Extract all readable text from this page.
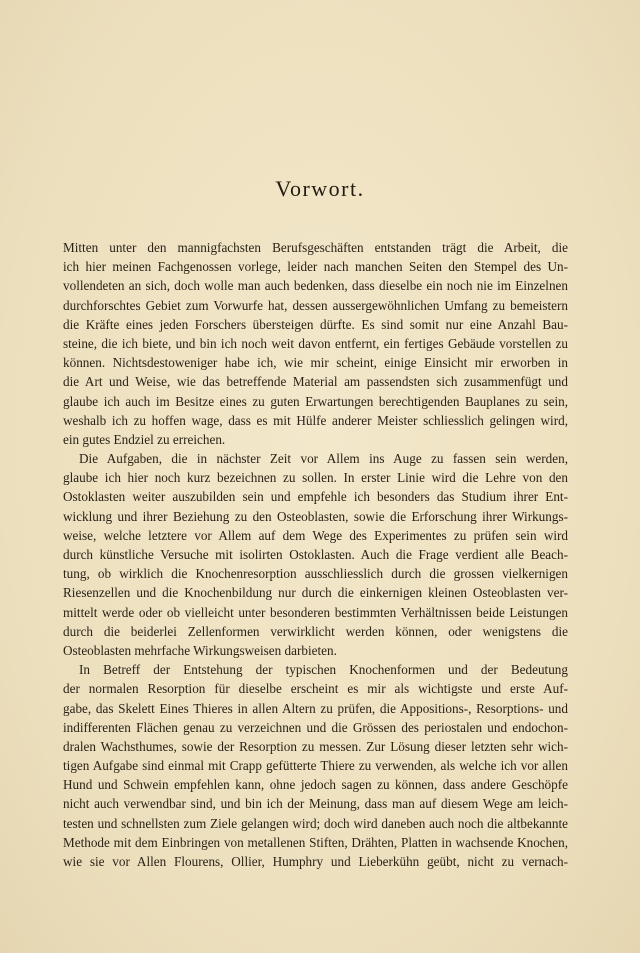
Vorwort.
Mitten unter den mannigfachsten Berufsgeschäften entstanden trägt die Arbeit, die
ich hier meinen Fachgenossen vorlege, leider nach manchen Seiten den Stempel des Un-
vollendeten an sich, doch wolle man auch bedenken, dass dieselbe ein noch nie im Einzelnen
durchforschtes Gebiet zum Vorwurfe hat, dessen aussergewöhnlichen Umfang zu bemeistern
die Kräfte eines jeden Forschers übersteigen dürfte. Es sind somit nur eine Anzahl Bau-
steine, die ich biete, und bin ich noch weit davon entfernt, ein fertiges Gebäude vorstellen zu
können. Nichtsdestoweniger habe ich, wie mir scheint, einige Einsicht mir erworben in
die Art und Weise, wie das betreffende Material am passendsten sich zusammenfügt und
glaube ich auch im Besitze eines zu guten Erwartungen berechtigenden Bauplanes zu sein,
weshalb ich zu hoffen wage, dass es mit Hülfe anderer Meister schliesslich gelingen wird,
ein gutes Endziel zu erreichen.
Die Aufgaben, die in nächster Zeit vor Allem ins Auge zu fassen sein werden,
glaube ich hier noch kurz bezeichnen zu sollen. In erster Linie wird die Lehre von den
Ostoklasten weiter auszubilden sein und empfehle ich besonders das Studium ihrer Ent-
wicklung und ihrer Beziehung zu den Osteoblasten, sowie die Erforschung ihrer Wirkungs-
weise, welche letztere vor Allem auf dem Wege des Experimentes zu prüfen sein wird
durch künstliche Versuche mit isolirten Ostoklasten. Auch die Frage verdient alle Beach-
tung, ob wirklich die Knochenresorption ausschliesslich durch die grossen vielkernigen
Riesenzellen und die Knochenbildung nur durch die einkernigen kleinen Osteoblasten ver-
mittelt werde oder ob vielleicht unter besonderen bestimmten Verhältnissen beide Leistungen
durch die beiderlei Zellenformen verwirklicht werden können, oder wenigstens die
Osteoblasten mehrfache Wirkungsweisen darbieten.
In Betreff der Entstehung der typischen Knochenformen und der Bedeutung
der normalen Resorption für dieselbe erscheint es mir als wichtigste und erste Auf-
gabe, das Skelett Eines Thieres in allen Altern zu prüfen, die Appositions-, Resorptions- und
indifferenten Flächen genau zu verzeichnen und die Grössen des periostalen und endochon-
dralen Wachsthumes, sowie der Resorption zu messen. Zur Lösung dieser letzten sehr wich-
tigen Aufgabe sind einmal mit Crapp gefütterte Thiere zu verwenden, als welche ich vor allen
Hund und Schwein empfehlen kann, ohne jedoch sagen zu können, dass andere Geschöpfe
nicht auch verwendbar sind, und bin ich der Meinung, dass man auf diesem Wege am leich-
testen und schnellsten zum Ziele gelangen wird; doch wird daneben auch noch die altbekannte
Methode mit dem Einbringen von metallenen Stiften, Drähten, Platten in wachsende Knochen,
wie sie vor Allen Flourens, Ollier, Humphry und Lieberkühn geübt, nicht zu vernach-
